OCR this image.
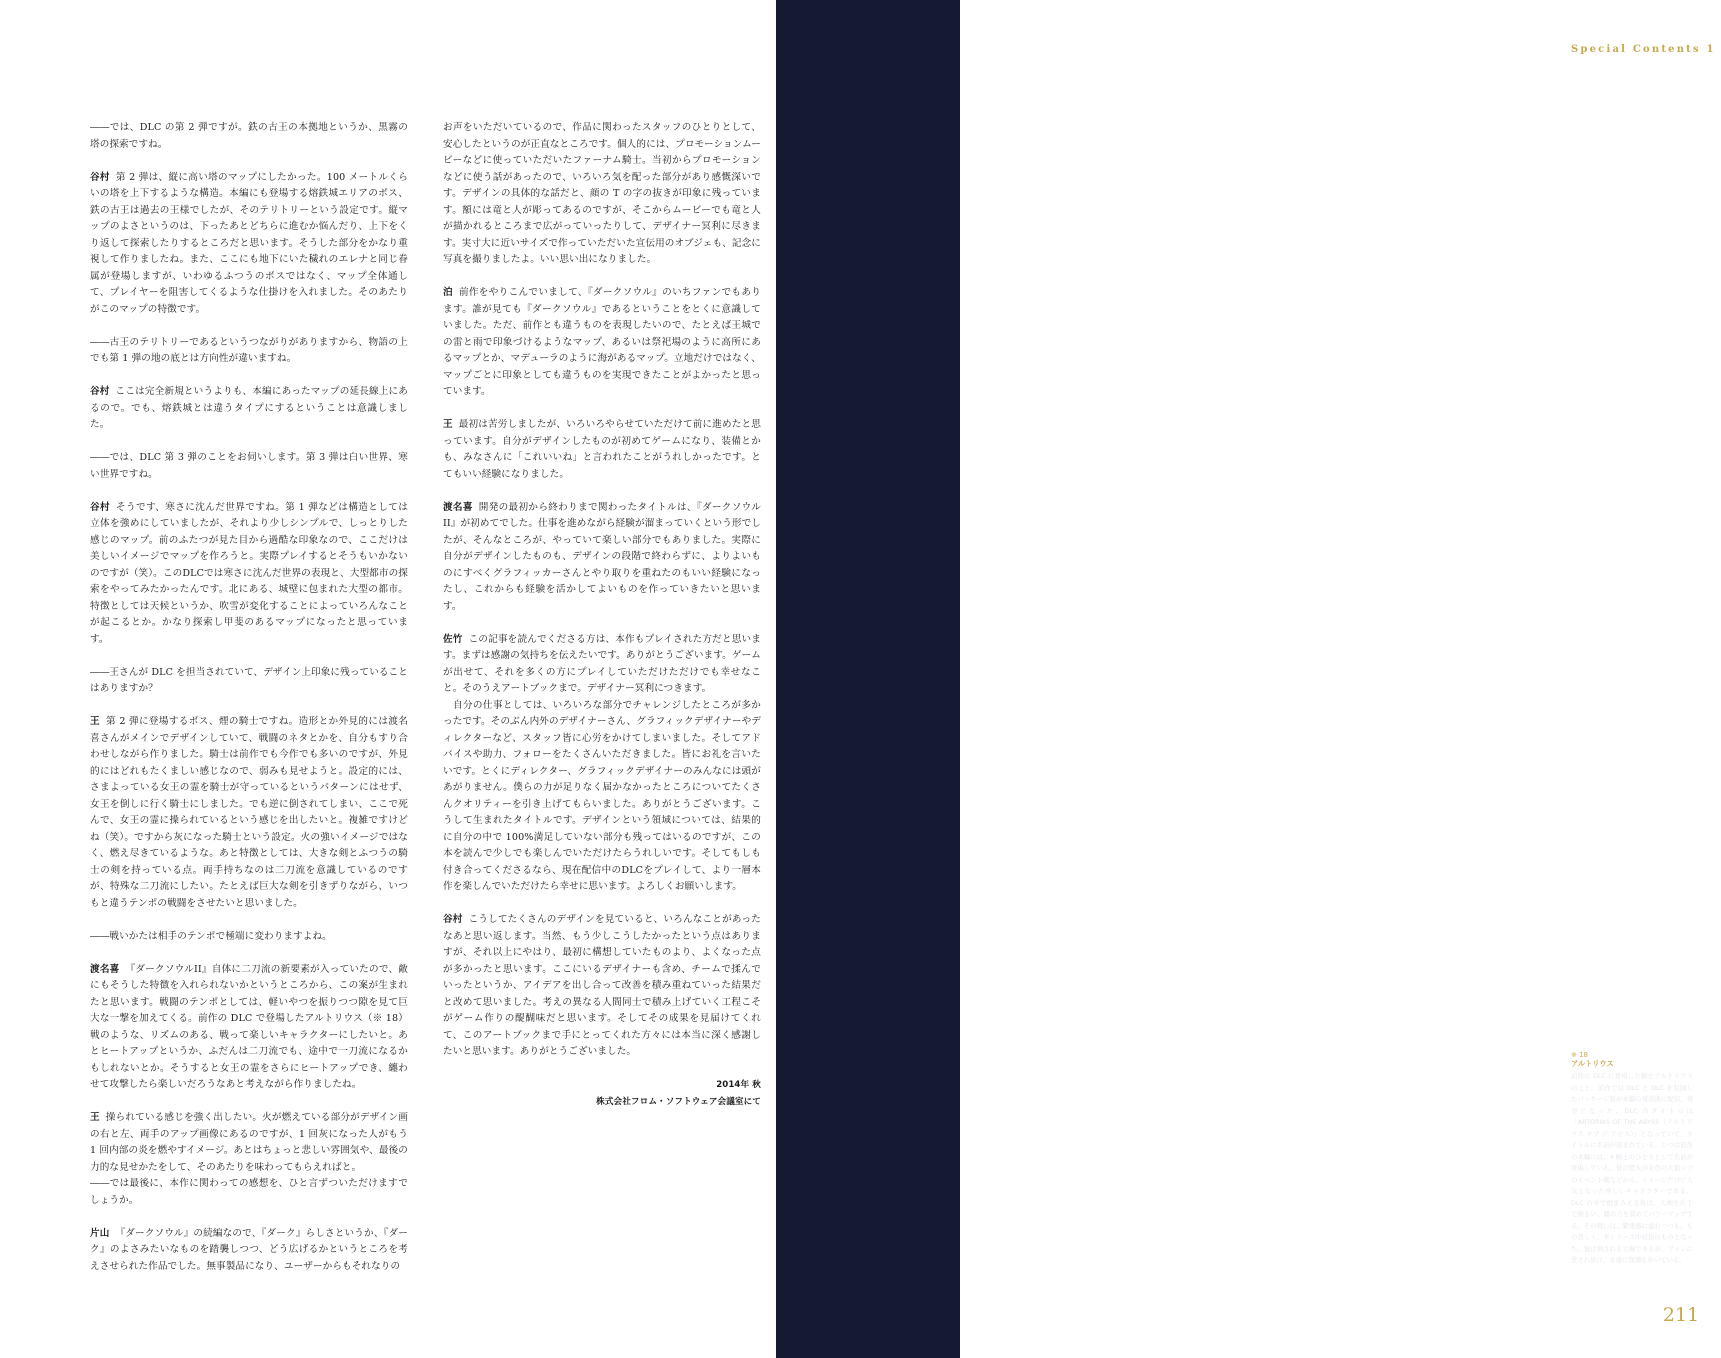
――では、DLC の第 2 弾ですが。鉄の古王の本拠地というか、黒霧の塔の探索ですね。

谷村 第 2 弾は、縦に高い塔のマップにしたかった。100 メートルくらいの塔を上下するような構造。本編にも登場する熔鉄城エリアのボス、鉄の古王は過去の王様でしたが、そのテリトリーという設定です。縦マップのよさというのは、下ったあとどちらに進むか悩んだり、上下をくり返して探索したりするところだと思います。そうした部分をかなり重視して作りましたね。また、ここにも地下にいた穢れのエレナと同じ眷属が登場しますが、いわゆるふつうのボスではなく、マップ全体通して、プレイヤーを阻害してくるような仕掛けを入れました。そのあたりがこのマップの特徴です。

――古王のテリトリーであるというつながりがありますから、物語の上でも第 1 弾の地の底とは方向性が違いますね。

谷村 ここは完全新規というよりも、本編にあったマップの延長線上にあるので。でも、熔鉄城とは違うタイプにするということは意識しました。

――では、DLC 第 3 弾のことをお伺いします。第 3 弾は白い世界、寒い世界ですね。

谷村 そうです、寒さに沈んだ世界ですね。第 1 弾などは構造としては立体を強めにしていましたが、それより少しシンプルで、しっとりした感じのマップ。前のふたつが見た目から過酷な印象なので、ここだけは美しいイメージでマップを作ろうと。実際プレイするとそうもいかないのですが（笑）。このDLCでは寒さに沈んだ世界の表現と、大型都市の探索をやってみたかったんです。北にある、城壁に包まれた大型の都市。特徴としては天候というか、吹雪が変化することによっていろんなことが起こるとか。かなり探索し甲斐のあるマップになったと思っています。

――王さんが DLC を担当されていて、デザイン上印象に残っていることはありますか？

王 第 2 弾に登場するボス、煙の騎士ですね。造形とか外見的には渡名喜さんがメインでデザインしていて、戦闘のネタとかを、自分もすり合わせしながら作りました。騎士は前作でも今作でも多いのですが、外見的にはどれもたくましい感じなので、弱みも見せようと。設定的には、さまよっている女王の霊を騎士が守っているというパターンにはせず、女王を倒しに行く騎士にしました。でも逆に倒されてしまい、ここで死んで、女王の霊に操られているという感じを出したいと。複雑ですけどね（笑）。ですから灰になった騎士という設定。火の強いイメージではなく、燃え尽きているような。あと特徴としては、大きな剣とふつうの騎士の剣を持っている点。両手持ちなのは二刀流を意識しているのですが、特殊な二刀流にしたい。たとえば巨大な剣を引きずりながら、いつもと違うテンポの戦闘をさせたいと思いました。

――戦いかたは相手のテンポで極端に変わりますよね。

渡名喜 『ダークソウルII』自体に二刀流の新要素が入っていたので、敵にもそうした特徴を入れられないかというところから、この案が生まれたと思います。戦闘のテンポとしては、軽いやつを振りつつ隙を見て巨大な一撃を加えてくる。前作の DLC で登場したアルトリウス（※ 18）戦のような、リズムのある、戦って楽しいキャラクターにしたいと。あとヒートアップというか、ふだんは二刀流でも、途中で一刀流になるかもしれないとか。そうすると女王の霊をさらにヒートアップでき、纏わせて攻撃したら楽しいだろうなあと考えながら作りましたね。

王 操られている感じを強く出したい。火が燃えている部分がデザイン画の右と左、両手のアップ画像にあるのですが、1 回灰になった人がもう 1 回内部の炎を燃やすイメージ。あとはちょっと悲しい雰囲気や、最後の力的な見せかたをして、そのあたりを味わってもらえればと。

――では最後に、本作に関わっての感想を、ひと言ずついただけますでしょうか。

片山 『ダークソウル』の続編なので、『ダーク』らしさというか、『ダーク』のよさみたいなものを踏襲しつつ、どう広げるかというところを考えさせられた作品でした。無事製品になり、ユーザーからもそれなりの

お声をいただいているので、作品に関わったスタッフのひとりとして、安心したというのが正直なところです。個人的には、プロモーションムービーなどに使っていただいたファーナム騎士。当初からプロモーションなどに使う話があったので、いろいろ気を配った部分があり感慨深いです。デザインの具体的な話だと、顔の T の字の抜きが印象に残っています。額には竜と人が彫ってあるのですが、そこからムービーでも竜と人が描かれるところまで広がっていったりして、デザイナー冥利に尽きます。実寸大に近いサイズで作っていただいた宣伝用のオブジェも、記念に写真を撮りましたよ。いい思い出になりました。

泊 前作をやりこんでいまして、『ダークソウル』のいちファンでもあります。誰が見ても『ダークソウル』であるということをとくに意識していました。ただ、前作とも違うものを表現したいので、たとえば王城での雷と雨で印象づけるようなマップ、あるいは祭祀場のように高所にあるマップとか、マデューラのように海があるマップ。立地だけではなく、マップごとに印象としても違うものを実現できたことがよかったと思っています。

王 最初は苦労しましたが、いろいろやらせていただけて前に進めたと思っています。自分がデザインしたものが初めてゲームになり、装備とかも、みなさんに「これいいね」と言われたことがうれしかったです。とてもいい経験になりました。

渡名喜 開発の最初から終わりまで関わったタイトルは、『ダークソウルII』が初めてでした。仕事を進めながら経験が溜まっていくという形でしたが、そんなところが、やっていて楽しい部分でもありました。実際に自分がデザインしたものも、デザインの段階で終わらずに、よりよいものにすべくグラフィッカーさんとやり取りを重ねたのもいい経験になったし、これからも経験を活かしてよいものを作っていきたいと思います。

佐竹 この記事を読んでくださる方は、本作もプレイされた方だと思います。まずは感謝の気持ちを伝えたいです。ありがとうございます。ゲームが出せて、それを多くの方にプレイしていただけただけでも幸せなこと。そのうえアートブックまで。デザイナー冥利につきます。

　自分の仕事としては、いろいろな部分でチャレンジしたところが多かったです。そのぶん内外のデザイナーさん、グラフィックデザイナーやディレクターなど、スタッフ皆に心労をかけてしまいました。そしてアドバイスや助力、フォローをたくさんいただきました。皆にお礼を言いたいです。とくにディレクター、グラフィックデザイナーのみんなには頭があがりません。僕らの力が足りなく届かなかったところについてたくさんクオリティーを引き上げてもらいました。ありがとうございます。こうして生まれたタイトルです。デザインという領域については、結果的に自分の中で 100%満足していない部分も残ってはいるのですが、この本を読んで少しでも楽しんでいただけたらうれしいです。そしてもしも付き合ってくださるなら、現在配信中のDLCをプレイして、より一層本作を楽しんでいただけたら幸せに思います。よろしくお願いします。

谷村 こうしてたくさんのデザインを見ていると、いろんなことがあったなあと思い返します。当然、もう少しこうしたかったという点はありますが、それ以上にやはり、最初に構想していたものより、よくなった点が多かったと思います。ここにいるデザイナーも含め、チームで揉んでいったというか、アイデアを出し合って改善を積み重ねていった結果だと改めて思いました。考えの異なる人間同士で積み上げていく工程こそがゲーム作りの醍醐味だと思います。そしてその成果を見届けてくれて、このアートブックまで手にとってくれた方々には本当に深く感謝したいと思います。ありがとうございました。

2014年 秋
株式会社フロム・ソフトウェア会議室にて
Special Contents 1
DARK SOULS II
INTERVIEW
デザイナーインタビュー
※ 18
アルトリウス
前作の DLC に登場した騎士アルトリウスのこと。前作では DLC と DLC を収録したパッケージ版が本編の発売後に配信、発売となった。DLC のタイトルは「ARTORIAS OF THE ABYSS（アルトリウス オブ ジ アビス）」となっていて、タイトルに名前が刻まれている。じつは前作の本編には、4 騎士のひとりとして名前が登場していた。彼の盟友の灰色の大狼シフのイベント戦などから、イメージだけで人気となった珍しいキャラクターである。DLC の中で相まみえる彼は、大剣を片手で振るい、闇の力を溜めてパワーアップする。その戦いは、緊張感に溢れつつも、もの悲しく、本シリーズ中屈指のものとなった。彼は倒される立場であるが、ファンに愛され続け、永遠に深淵を歩いている。
211
